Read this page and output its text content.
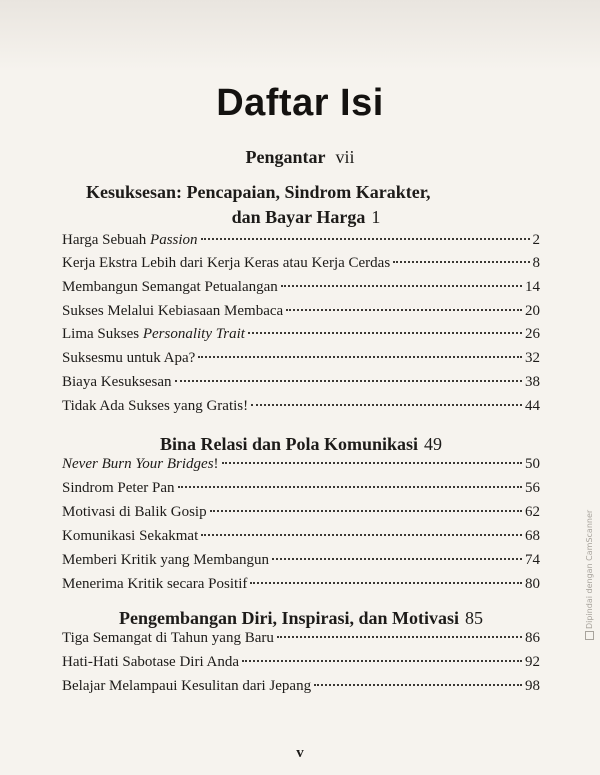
Daftar Isi
Pengantar vii
Kesuksesan: Pencapaian, Sindrom Karakter,
dan Bayar Harga 1
Harga Sebuah Passion	2
Kerja Ekstra Lebih dari Kerja Keras atau Kerja Cerdas	8
Membangun Semangat Petualangan	14
Sukses Melalui Kebiasaan Membaca	20
Lima Sukses Personality Trait	26
Suksesmu untuk Apa?	32
Biaya Kesuksesan	38
Tidak Ada Sukses yang Gratis!	44
Bina Relasi dan Pola Komunikasi 49
Never Burn Your Bridges!	50
Sindrom Peter Pan	56
Motivasi di Balik Gosip	62
Komunikasi Sekakmat	68
Memberi Kritik yang Membangun	74
Menerima Kritik secara Positif	80
Pengembangan Diri, Inspirasi, dan Motivasi 85
Tiga Semangat di Tahun yang Baru	86
Hati-Hati Sabotase Diri Anda	92
Belajar Melampaui Kesulitan dari Jepang	98
v
Dipindai dengan CamScanner
